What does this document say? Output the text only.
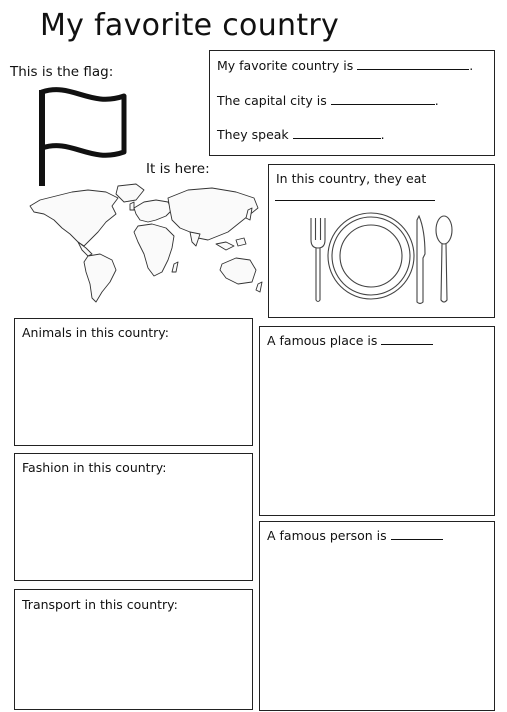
My favorite country
This is the flag:	My favorite country is	.
The capital city is	.
They speak	.
It is here:
In this country, they eat
Animals in this country:
A famous place is
Fashion in this country:
A famous person is
Transport in this country:
